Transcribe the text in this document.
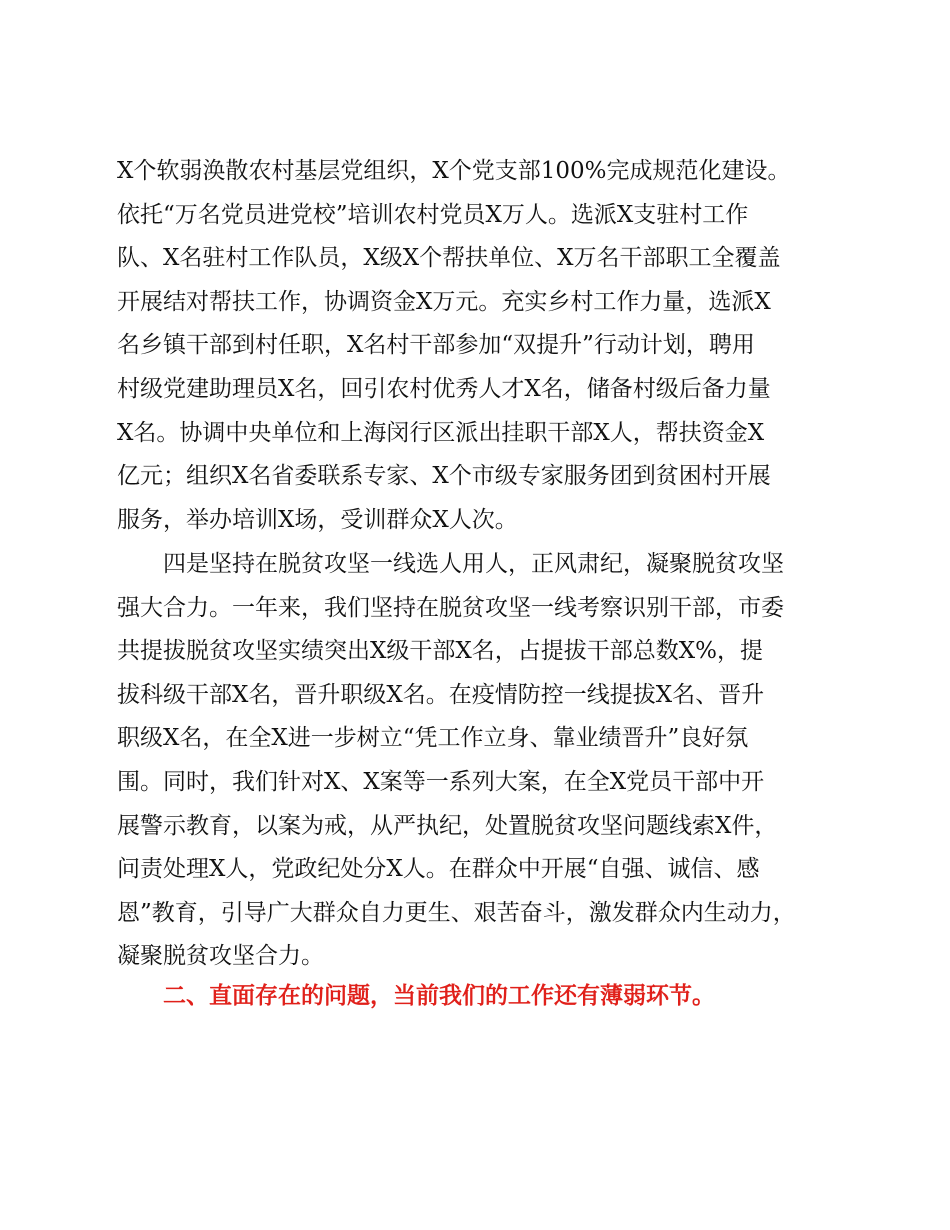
X个软弱涣散农村基层党组织，X个党支部100%完成规范化建设。
依托“万名党员进党校”培训农村党员X万人。选派X支驻村工作
队、X名驻村工作队员，X级X个帮扶单位、X万名干部职工全覆盖
开展结对帮扶工作，协调资金X万元。充实乡村工作力量，选派X
名乡镇干部到村任职，X名村干部参加“双提升”行动计划，聘用
村级党建助理员X名，回引农村优秀人才X名，储备村级后备力量
X名。协调中央单位和上海闵行区派出挂职干部X人，帮扶资金X
亿元；组织X名省委联系专家、X个市级专家服务团到贫困村开展
服务，举办培训X场，受训群众X人次。
四是坚持在脱贫攻坚一线选人用人，正风肃纪，凝聚脱贫攻坚
强大合力。一年来，我们坚持在脱贫攻坚一线考察识别干部，市委
共提拔脱贫攻坚实绩突出X级干部X名，占提拔干部总数X%，提
拔科级干部X名，晋升职级X名。在疫情防控一线提拔X名、晋升
职级X名，在全X进一步树立“凭工作立身、靠业绩晋升”良好氛
围。同时，我们针对X、X案等一系列大案，在全X党员干部中开
展警示教育，以案为戒，从严执纪，处置脱贫攻坚问题线索X件，
问责处理X人，党政纪处分X人。在群众中开展“自强、诚信、感
恩”教育，引导广大群众自力更生、艰苦奋斗，激发群众内生动力，
凝聚脱贫攻坚合力。
二、直面存在的问题，当前我们的工作还有薄弱环节。
